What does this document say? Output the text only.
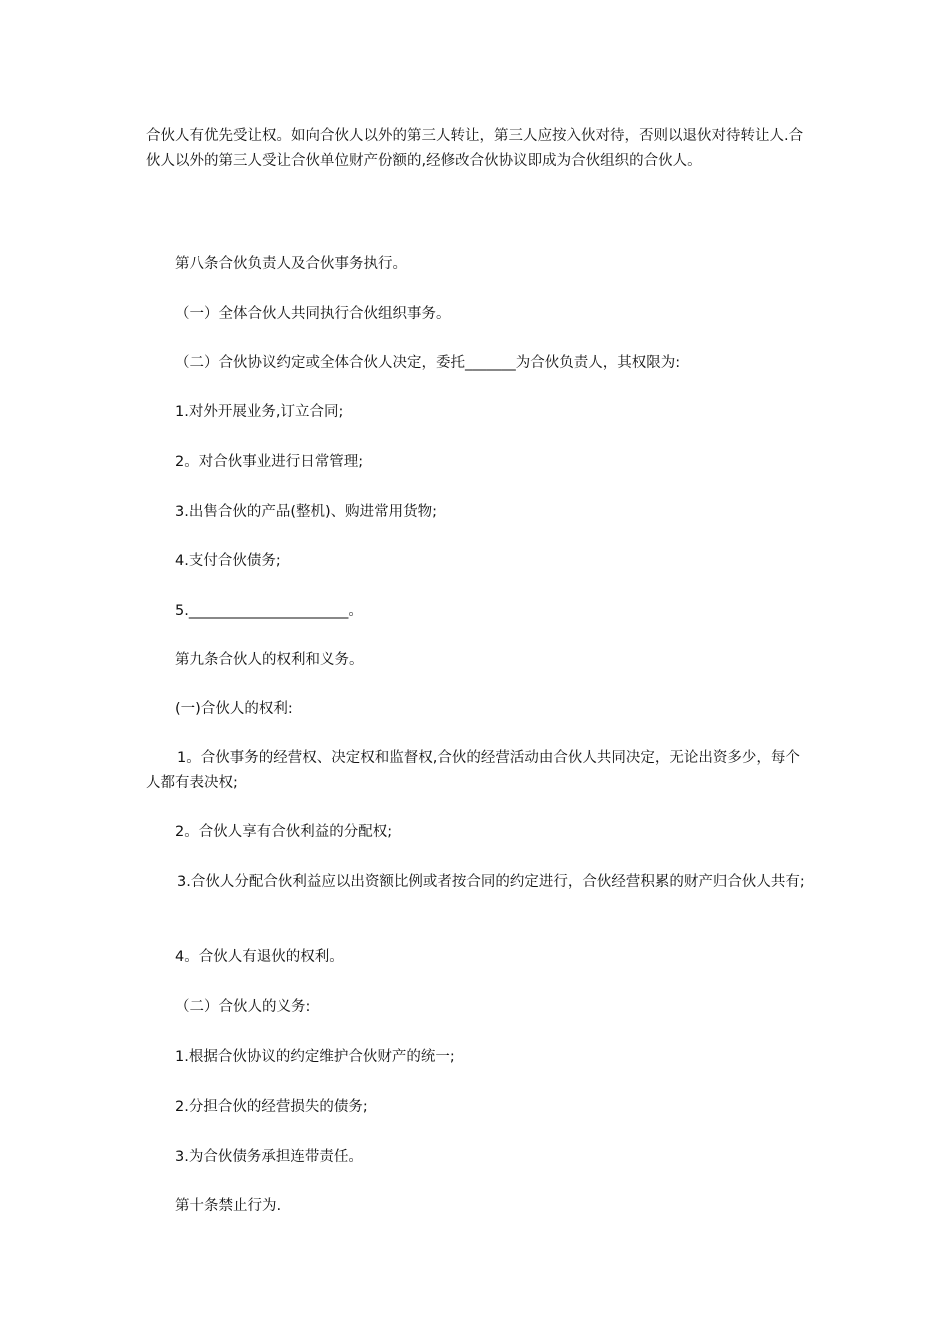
合伙人有优先受让权。如向合伙人以外的第三人转让，第三人应按入伙对待，否则以退伙对待转让人.合伙人以外的第三人受让合伙单位财产份额的,经修改合伙协议即成为合伙组织的合伙人。
第八条合伙负责人及合伙事务执行。
（一）全体合伙人共同执行合伙组织事务。
（二）合伙协议约定或全体合伙人决定，委托_______为合伙负责人，其权限为:
1.对外开展业务,订立合同;
2。对合伙事业进行日常管理;
3.出售合伙的产品(整机)、购进常用货物;
4.支付合伙债务;
5.______________________。
第九条合伙人的权利和义务。
(一)合伙人的权利:
1。合伙事务的经营权、决定权和监督权,合伙的经营活动由合伙人共同决定，无论出资多少，每个人都有表决权;
2。合伙人享有合伙利益的分配权;
3.合伙人分配合伙利益应以出资额比例或者按合同的约定进行，合伙经营积累的财产归合伙人共有;
4。合伙人有退伙的权利。
（二）合伙人的义务:
1.根据合伙协议的约定维护合伙财产的统一;
2.分担合伙的经营损失的债务;
3.为合伙债务承担连带责任。
第十条禁止行为.
